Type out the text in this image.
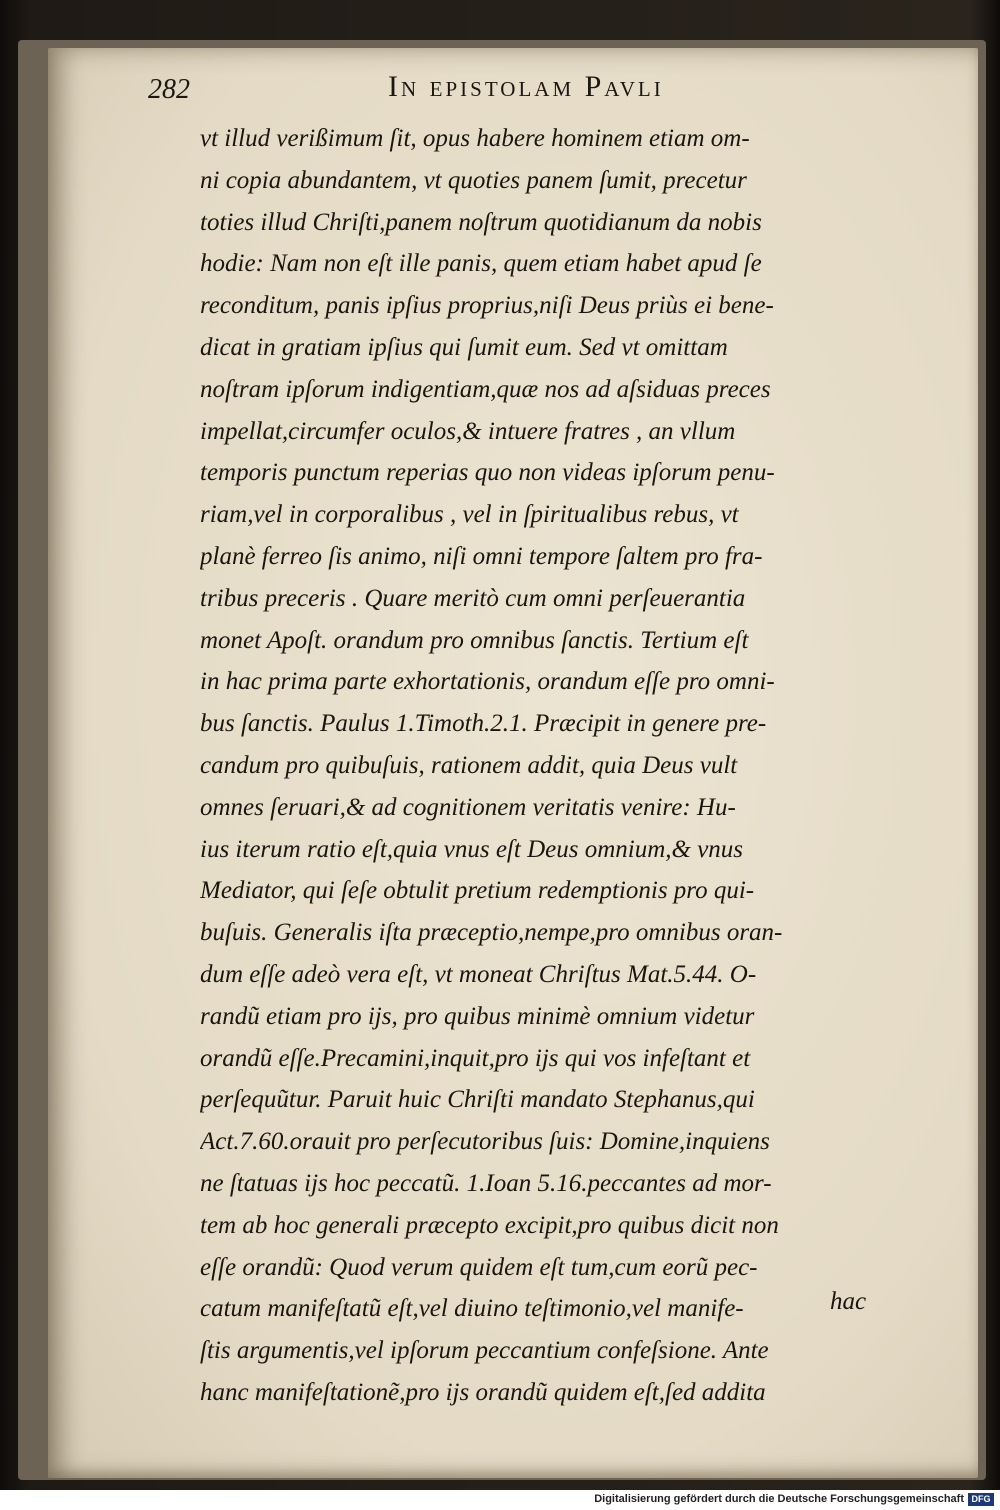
282	In epistolam Pavli
vt illud verißimum ſit, opus habere hominem etiam om-
ni copia abundantem, vt quoties panem ſumit, precetur
toties illud Chriſti,panem noſtrum quotidianum da nobis
hodie: Nam non eſt ille panis, quem etiam habet apud ſe
reconditum, panis ipſius proprius,niſi Deus priùs ei bene-
dicat in gratiam ipſius qui ſumit eum. Sed vt omittam
noſtram ipſorum indigentiam,quæ nos ad aſsiduas preces
impellat,circumfer oculos,& intuere fratres , an vllum
temporis punctum reperias quo non videas ipſorum penu-
riam,vel in corporalibus , vel in ſpiritualibus rebus, vt
planè ferreo ſis animo, niſi omni tempore ſaltem pro fra-
tribus preceris . Quare meritò cum omni perſeuerantia
monet Apoſt. orandum pro omnibus ſanctis. Tertium eſt
in hac prima parte exhortationis, orandum eſſe pro omni-
bus ſanctis. Paulus 1.Timoth.2.1. Præcipit in genere pre-
candum pro quibuſuis, rationem addit, quia Deus vult
omnes ſeruari,& ad cognitionem veritatis venire: Hu-
ius iterum ratio eſt,quia vnus eſt Deus omnium,& vnus
Mediator, qui ſeſe obtulit pretium redemptionis pro qui-
buſuis. Generalis iſta præceptio,nempe,pro omnibus oran-
dum eſſe adeò vera eſt, vt moneat Chriſtus Mat.5.44. O-
randũ etiam pro ijs, pro quibus minimè omnium videtur
orandũ eſſe.Precamini,inquit,pro ijs qui vos infeſtant et
perſequũtur. Paruit huic Chriſti mandato Stephanus,qui
Act.7.60.orauit pro perſecutoribus ſuis: Domine,inquiens
ne ſtatuas ijs hoc peccatũ. 1.Ioan 5.16.peccantes ad mor-
tem ab hoc generali præcepto excipit,pro quibus dicit non
eſſe orandũ: Quod verum quidem eſt tum,cum eorũ pec-
catum manifeſtatũ eſt,vel diuino teſtimonio,vel manife-
ſtis argumentis,vel ipſorum peccantium confeſsione. Ante
hanc manifeſtationẽ,pro ijs orandũ quidem eſt,ſed addita
hac
Digitalisierung gefördert durch die Deutsche Forschungsgemeinschaft DFG
